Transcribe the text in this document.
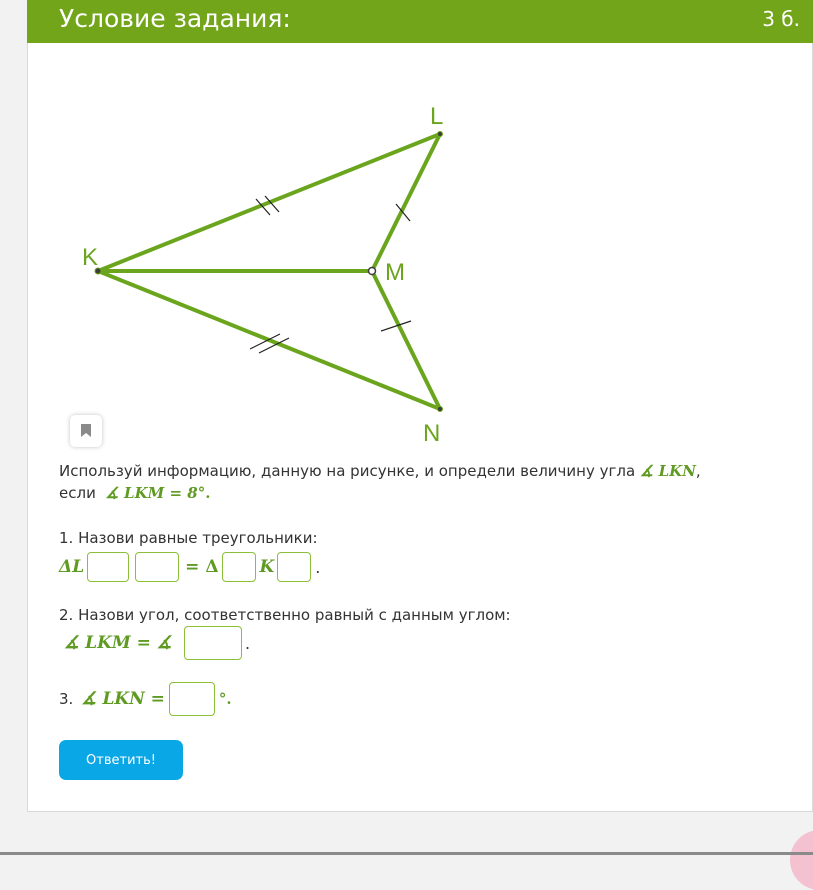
Условие задания:	3 б.
L
K
M
N
Используй информацию, данную на рисунке, и определи величину угла ∡ LKN,
если  ∡ LKM = 8°.
1. Назови равные треугольники:
ΔL	= Δ K	.
2. Назови угол, соответственно равный с данным углом:
∡ LKM = ∡	.
3. ∡ LKN =	°.
Ответить!
